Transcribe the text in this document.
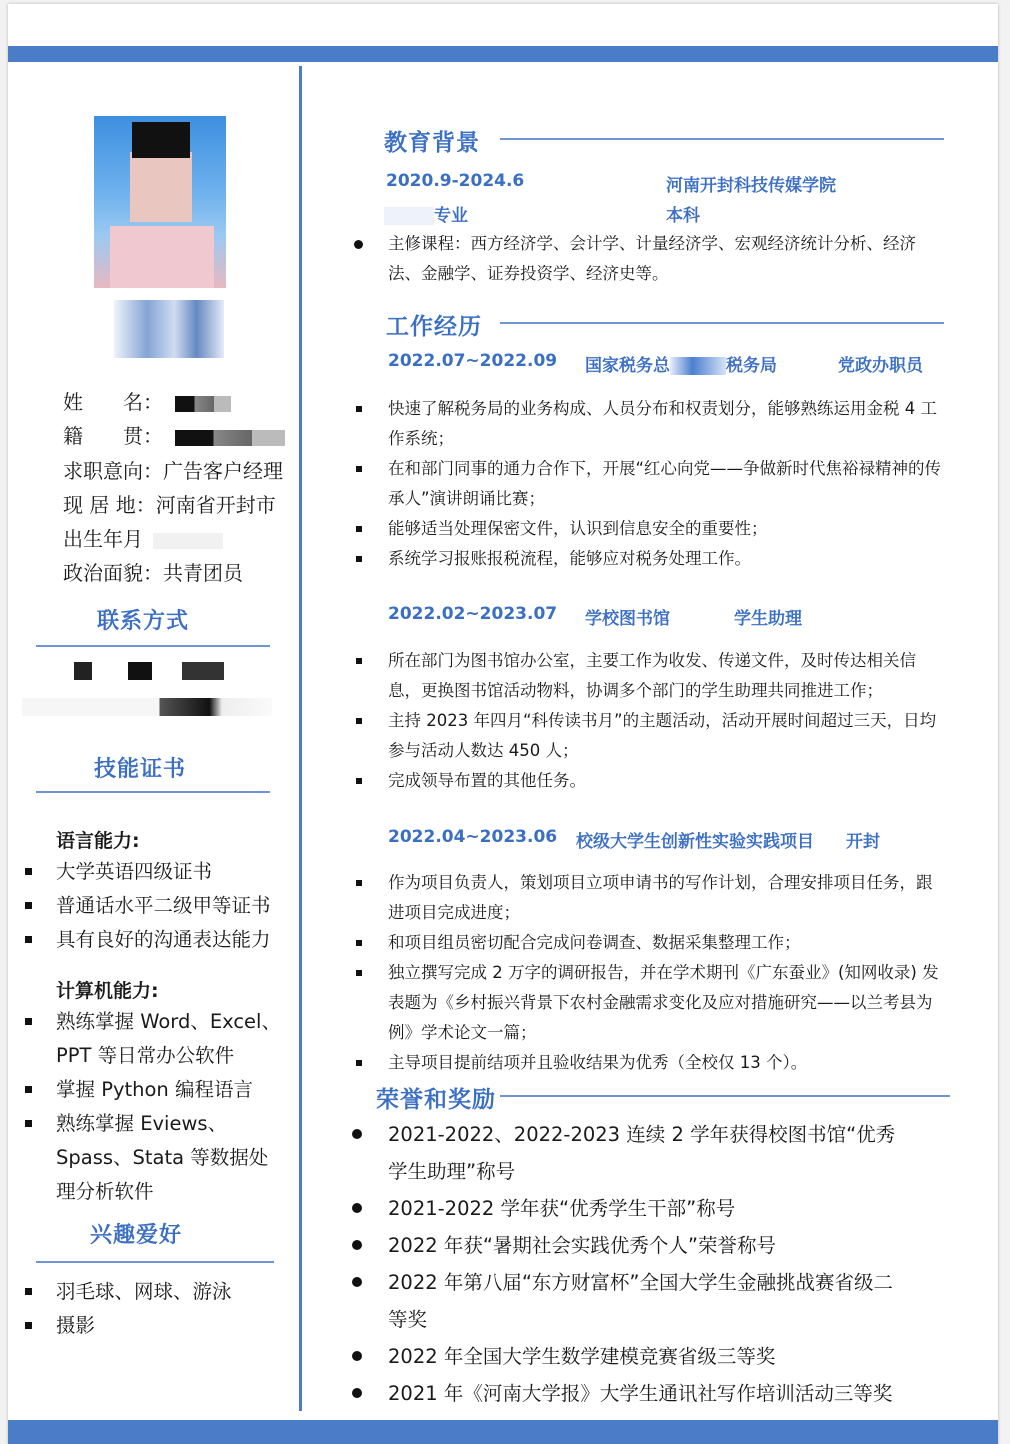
姓　　名：
籍　　贯：
求职意向：广告客户经理
现 居 地：河南省开封市
出生年月
政治面貌：共青团员
联系方式
技能证书
语言能力:
大学英语四级证书
普通话水平二级甲等证书
具有良好的沟通表达能力
计算机能力:
熟练掌握 Word、Excel、PPT 等日常办公软件
掌握 Python 编程语言
熟练掌握 Eviews、Spass、Stata 等数据处理分析软件
兴趣爱好
羽毛球、网球、游泳
摄影
教育背景
2020.9-2024.6	河南开封科技传媒学院
专业	本科
主修课程：西方经济学、会计学、计量经济学、宏观经济统计分析、经济法、金融学、证券投资学、经济史等。
工作经历
2022.07~2022.09 国家税务总	税务局	党政办职员
快速了解税务局的业务构成、人员分布和权责划分，能够熟练运用金税 4 工作系统；
在和部门同事的通力合作下，开展“红心向党——争做新时代焦裕禄精神的传承人”演讲朗诵比赛；
能够适当处理保密文件，认识到信息安全的重要性；
系统学习报账报税流程，能够应对税务处理工作。
2022.02~2023.07 学校图书馆	学生助理
所在部门为图书馆办公室，主要工作为收发、传递文件，及时传达相关信息，更换图书馆活动物料，协调多个部门的学生助理共同推进工作；
主持 2023 年四月“科传读书月”的主题活动，活动开展时间超过三天，日均参与活动人数达 450 人；
完成领导布置的其他任务。
2022.04~2023.06 校级大学生创新性实验实践项目 开封
作为项目负责人，策划项目立项申请书的写作计划，合理安排项目任务，跟进项目完成进度；
和项目组员密切配合完成问卷调查、数据采集整理工作；
独立撰写完成 2 万字的调研报告，并在学术期刊《广东蚕业》(知网收录) 发表题为《乡村振兴背景下农村金融需求变化及应对措施研究——以兰考县为例》学术论文一篇；
主导项目提前结项并且验收结果为优秀（全校仅 13 个）。
荣誉和奖励
2021-2022、2022-2023 连续 2 学年获得校图书馆“优秀学生助理”称号
2021-2022 学年获“优秀学生干部”称号
2022 年获“暑期社会实践优秀个人”荣誉称号
2022 年第八届“东方财富杯”全国大学生金融挑战赛省级二等奖
2022 年全国大学生数学建模竞赛省级三等奖
2021 年《河南大学报》大学生通讯社写作培训活动三等奖
